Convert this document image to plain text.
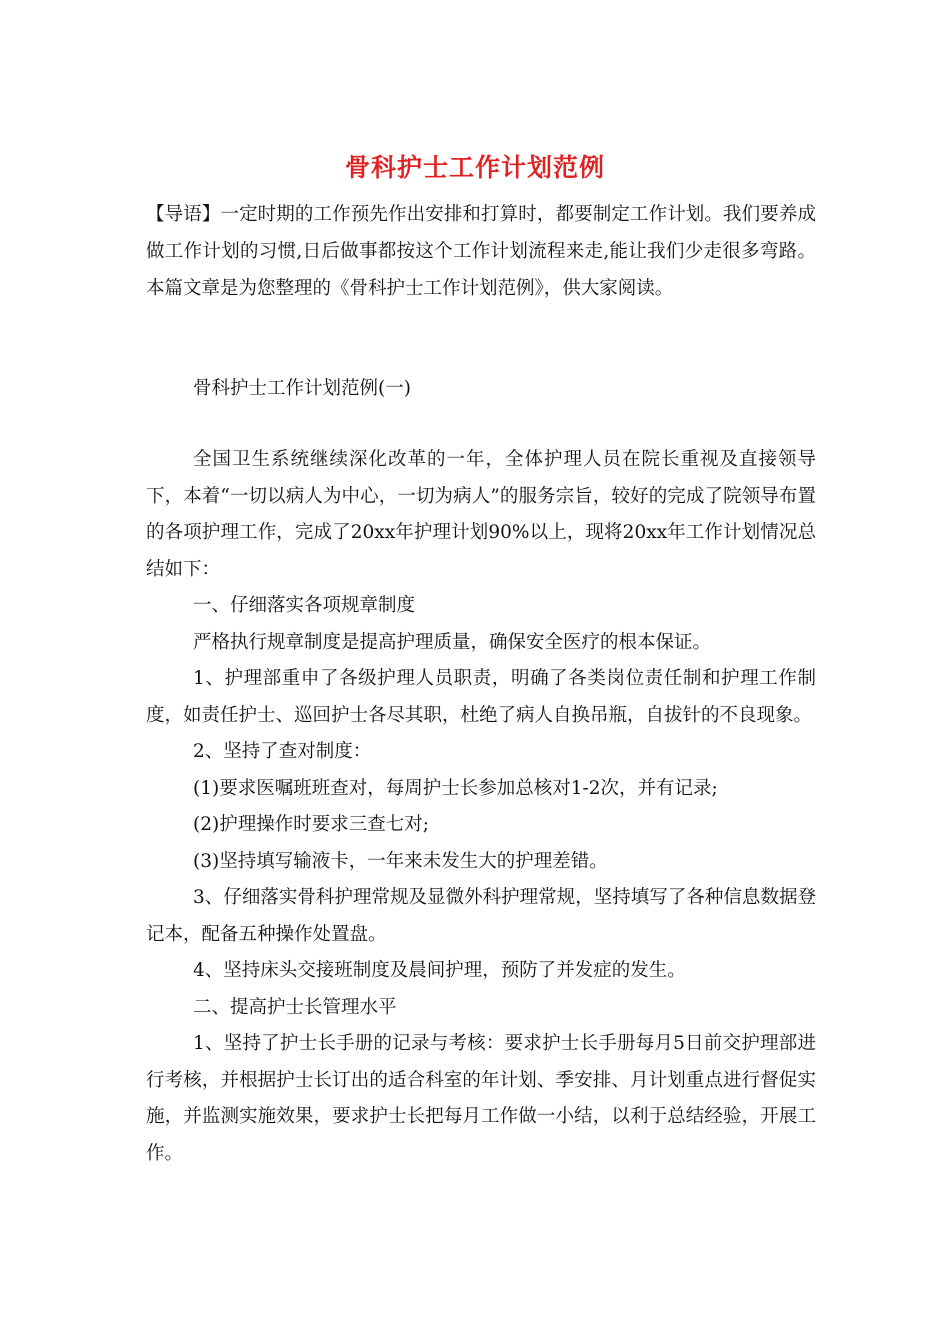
骨科护士工作计划范例
【导语】一定时期的工作预先作出安排和打算时，都要制定工作计划。我们要养成做工作计划的习惯,日后做事都按这个工作计划流程来走,能让我们少走很多弯路。本篇文章是为您整理的《骨科护士工作计划范例》，供大家阅读。
骨科护士工作计划范例(一)

全国卫生系统继续深化改革的一年，全体护理人员在院长重视及直接领导下，本着“一切以病人为中心，一切为病人”的服务宗旨，较好的完成了院领导布置的各项护理工作，完成了20xx年护理计划90%以上，现将20xx年工作计划情况总结如下：

一、仔细落实各项规章制度

严格执行规章制度是提高护理质量，确保安全医疗的根本保证。

1、护理部重申了各级护理人员职责，明确了各类岗位责任制和护理工作制度，如责任护士、巡回护士各尽其职，杜绝了病人自换吊瓶，自拔针的不良现象。

2、坚持了查对制度：

(1)要求医嘱班班查对，每周护士长参加总核对1-2次，并有记录;

(2)护理操作时要求三查七对;

(3)坚持填写输液卡，一年来未发生大的护理差错。

3、仔细落实骨科护理常规及显微外科护理常规，坚持填写了各种信息数据登记本，配备五种操作处置盘。

4、坚持床头交接班制度及晨间护理，预防了并发症的发生。

二、提高护士长管理水平

1、坚持了护士长手册的记录与考核：要求护士长手册每月5日前交护理部进行考核，并根据护士长订出的适合科室的年计划、季安排、月计划重点进行督促实施，并监测实施效果，要求护士长把每月工作做一小结，以利于总结经验，开展工作。
